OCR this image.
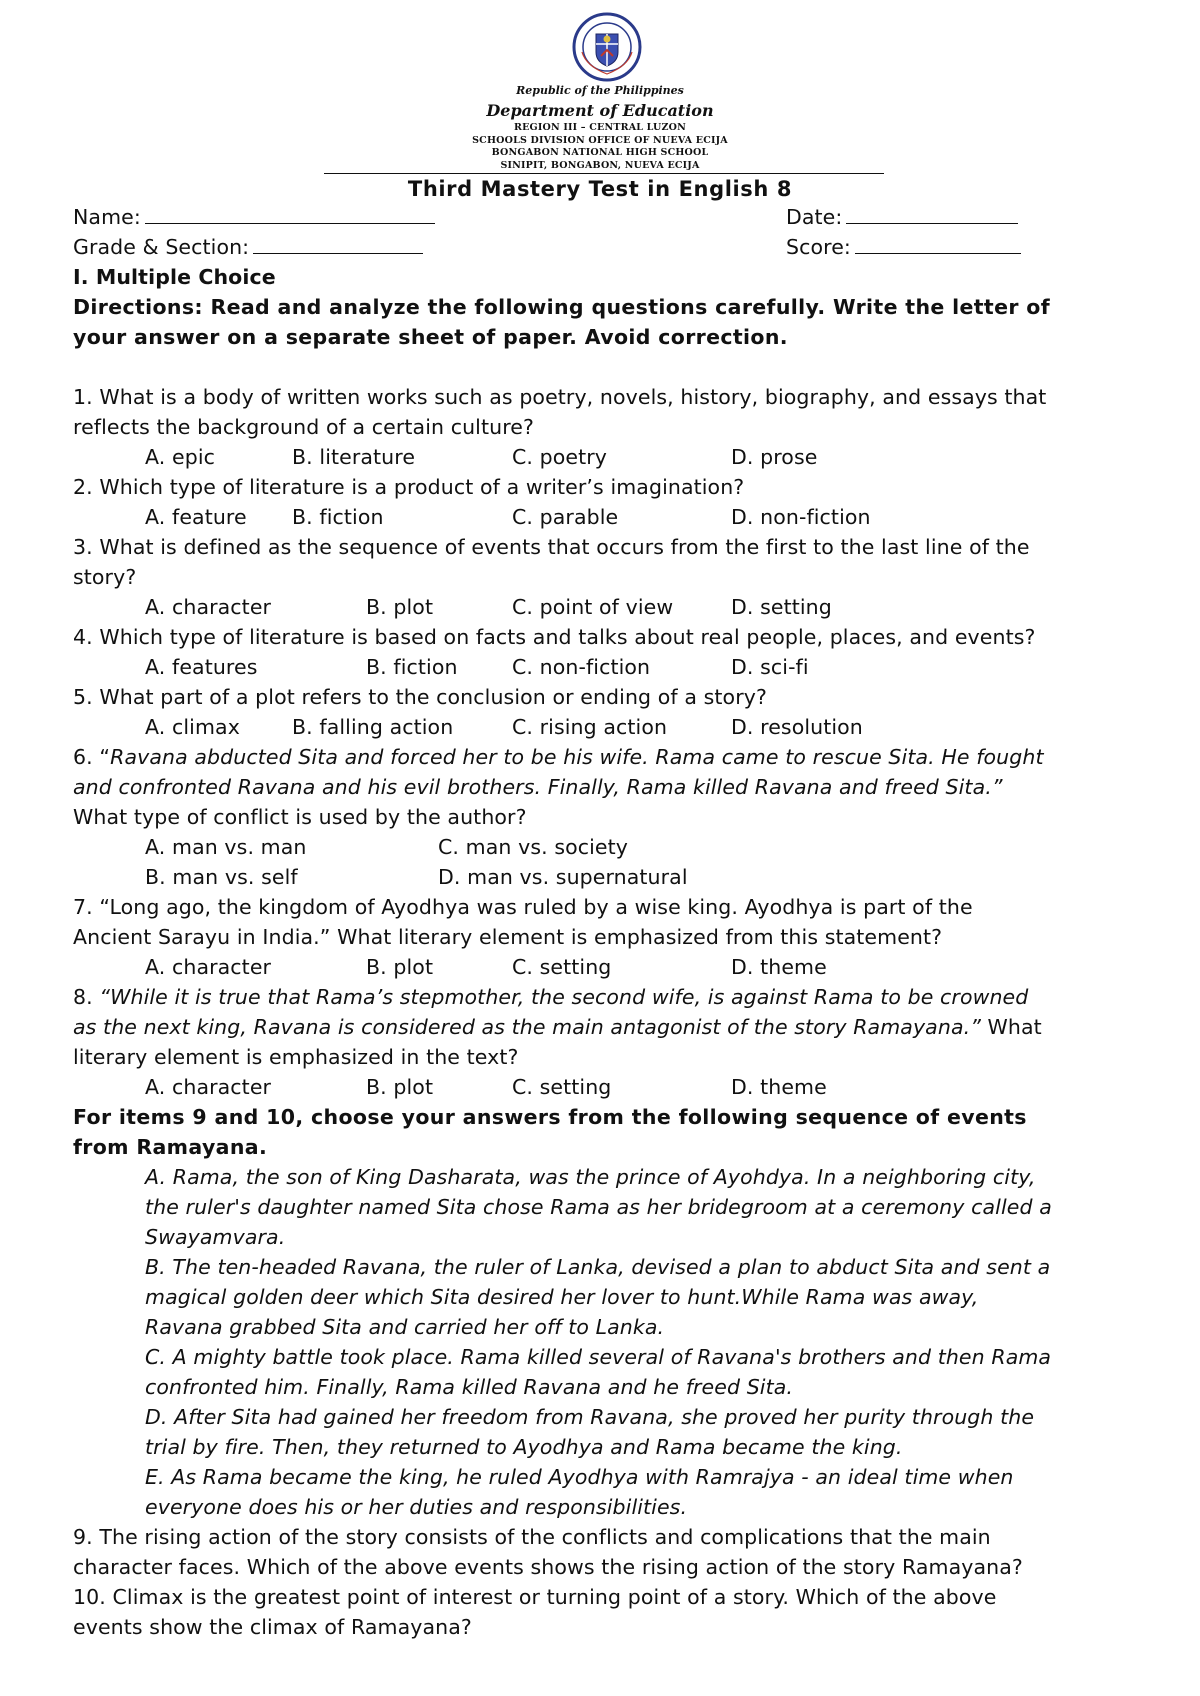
Republic of the Philippines
Department of Education
REGION III – CENTRAL LUZON
SCHOOLS DIVISION OFFICE OF NUEVA ECIJA
BONGABON NATIONAL HIGH SCHOOL
SINIPIT, BONGABON, NUEVA ECIJA
Third Mastery Test in English 8
Name:	Date:
Grade & Section:	Score:
I. Multiple Choice
Directions: Read and analyze the following questions carefully. Write the letter of
your answer on a separate sheet of paper. Avoid correction.
1. What is a body of written works such as poetry, novels, history, biography, and essays that
reflects the background of a certain culture?
A. epic	B. literature	C. poetry	D. prose
2. Which type of literature is a product of a writer’s imagination?
A. feature B. fiction	C. parable	D. non-fiction
3. What is defined as the sequence of events that occurs from the first to the last line of the
story?
A. character	B. plot	C. point of view	D. setting
4. Which type of literature is based on facts and talks about real people, places, and events?
A. features	B. fiction	C. non-fiction	D. sci-fi
5. What part of a plot refers to the conclusion or ending of a story?
A. climax	B. falling action	C. rising action	D. resolution
6. “Ravana abducted Sita and forced her to be his wife. Rama came to rescue Sita. He fought
and confronted Ravana and his evil brothers. Finally, Rama killed Ravana and freed Sita.”
What type of conflict is used by the author?
A. man vs. man	C. man vs. society
B. man vs. self	D. man vs. supernatural
7. “Long ago, the kingdom of Ayodhya was ruled by a wise king. Ayodhya is part of the
Ancient Sarayu in India.” What literary element is emphasized from this statement?
A. character	B. plot	C. setting	D. theme
8. “While it is true that Rama’s stepmother, the second wife, is against Rama to be crowned
as the next king, Ravana is considered as the main antagonist of the story Ramayana.” What
literary element is emphasized in the text?
A. character	B. plot	C. setting	D. theme
For items 9 and 10, choose your answers from the following sequence of events
from Ramayana.
A. Rama, the son of King Dasharata, was the prince of Ayohdya. In a neighboring city,
the ruler's daughter named Sita chose Rama as her bridegroom at a ceremony called a
Swayamvara.
B. The ten-headed Ravana, the ruler of Lanka, devised a plan to abduct Sita and sent a
magical golden deer which Sita desired her lover to hunt.While Rama was away,
Ravana grabbed Sita and carried her off to Lanka.
C. A mighty battle took place. Rama killed several of Ravana's brothers and then Rama
confronted him. Finally, Rama killed Ravana and he freed Sita.
D. After Sita had gained her freedom from Ravana, she proved her purity through the
trial by fire. Then, they returned to Ayodhya and Rama became the king.
E. As Rama became the king, he ruled Ayodhya with Ramrajya - an ideal time when
everyone does his or her duties and responsibilities.
9. The rising action of the story consists of the conflicts and complications that the main
character faces. Which of the above events shows the rising action of the story Ramayana?
10. Climax is the greatest point of interest or turning point of a story. Which of the above
events show the climax of Ramayana?
